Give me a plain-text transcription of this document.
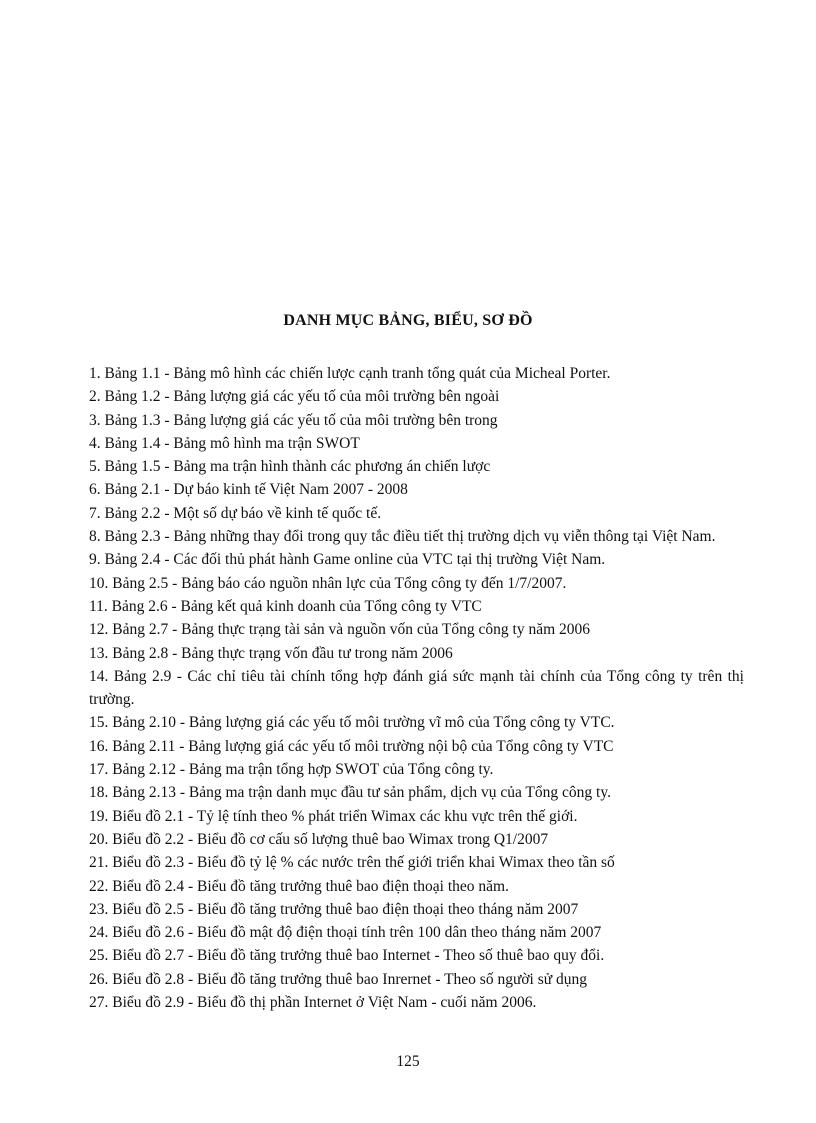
DANH MỤC BẢNG, BIỂU, SƠ ĐỒ
1. Bảng 1.1 - Bảng mô hình các chiến lược cạnh tranh tổng quát của Micheal Porter.
2. Bảng 1.2 - Bảng lượng giá các yếu tố của môi trường bên ngoài
3. Bảng 1.3 - Bảng lượng giá các yếu tố của môi trường bên trong
4. Bảng 1.4 - Bảng mô hình ma trận SWOT
5. Bảng 1.5 - Bảng ma trận hình thành các phương án chiến lược
6. Bảng 2.1 - Dự báo kinh tế Việt Nam 2007 - 2008
7. Bảng 2.2 - Một số dự báo về kinh tế quốc tế.
8. Bảng 2.3 - Bảng những thay đổi trong quy tắc điều tiết thị trường dịch vụ viễn thông tại Việt Nam.
9. Bảng 2.4 - Các đối thủ phát hành Game online của VTC tại thị trường Việt Nam.
10. Bảng 2.5 - Bảng báo cáo nguồn nhân lực của Tổng công ty đến 1/7/2007.
11. Bảng 2.6 - Bảng kết quả kinh doanh của Tổng công ty VTC
12. Bảng 2.7 - Bảng thực trạng tài sản và nguồn vốn của Tổng công ty năm 2006
13. Bảng 2.8 - Bảng thực trạng vốn đầu tư trong năm 2006
14. Bảng 2.9 - Các chỉ tiêu tài chính tổng hợp đánh giá sức mạnh tài chính của Tổng công ty trên thị trường.
15. Bảng 2.10 - Bảng lượng giá các yếu tố môi trường vĩ mô của Tổng công ty VTC.
16. Bảng 2.11 - Bảng lượng giá các yếu tố môi trường nội bộ của Tổng công ty VTC
17. Bảng 2.12 - Bảng ma trận tổng hợp SWOT của Tổng công ty.
18. Bảng 2.13 - Bảng ma trận danh mục đầu tư sản phẩm, dịch vụ của Tổng công ty.
19. Biểu đồ 2.1 - Tỷ lệ tính theo % phát triển Wimax các khu vực trên thế giới.
20. Biểu đồ 2.2 - Biểu đồ cơ cấu số lượng thuê bao Wimax trong Q1/2007
21. Biểu đồ 2.3 - Biểu đồ tỷ lệ % các nước trên thế giới triển khai Wimax theo tần số
22. Biểu đồ 2.4 - Biểu đồ tăng trưởng thuê bao điện thoại theo năm.
23. Biểu đồ 2.5 - Biểu đồ tăng trưởng thuê bao điện thoại theo tháng năm 2007
24. Biểu đồ 2.6 - Biểu đồ mật độ điện thoại tính trên 100 dân theo tháng năm 2007
25. Biểu đồ 2.7 - Biểu đồ tăng trưởng thuê bao Internet - Theo số thuê bao quy đổi.
26. Biểu đồ 2.8 - Biểu đồ tăng trưởng thuê bao Inrernet - Theo số người sử dụng
27. Biểu đồ 2.9 - Biểu đồ thị phần Internet ở Việt Nam - cuối năm 2006.
125
